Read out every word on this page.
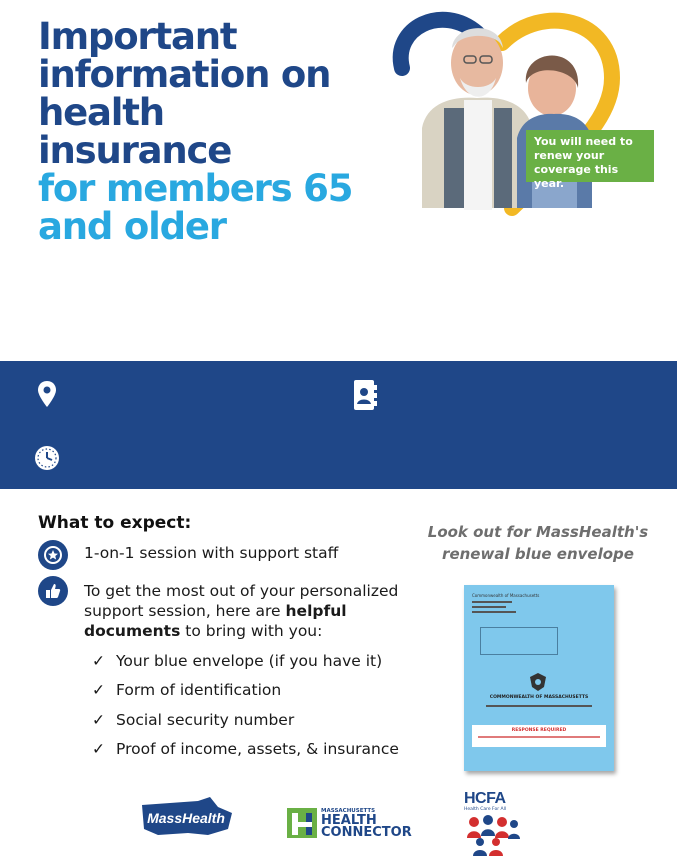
Important
information on
health insurance
for members 65
and older
You will need to renew your coverage this year.
What to expect:
1-on-1 session with support staff
To get the most out of your personalized support session, here are helpful documents to bring with you:
✓ Your blue envelope (if you have it)
✓ Form of identification
✓ Social security number
✓ Proof of income, assets, & insurance
Look out for MassHealth's
renewal blue envelope
Commonwealth of Massachusetts
COMMONWEALTH OF MASSACHUSETTS
RESPONSE REQUIRED
MassHealth	MASSACHUSETTS
HEALTH
CONNECTOR
HCFA
Health Care For All
